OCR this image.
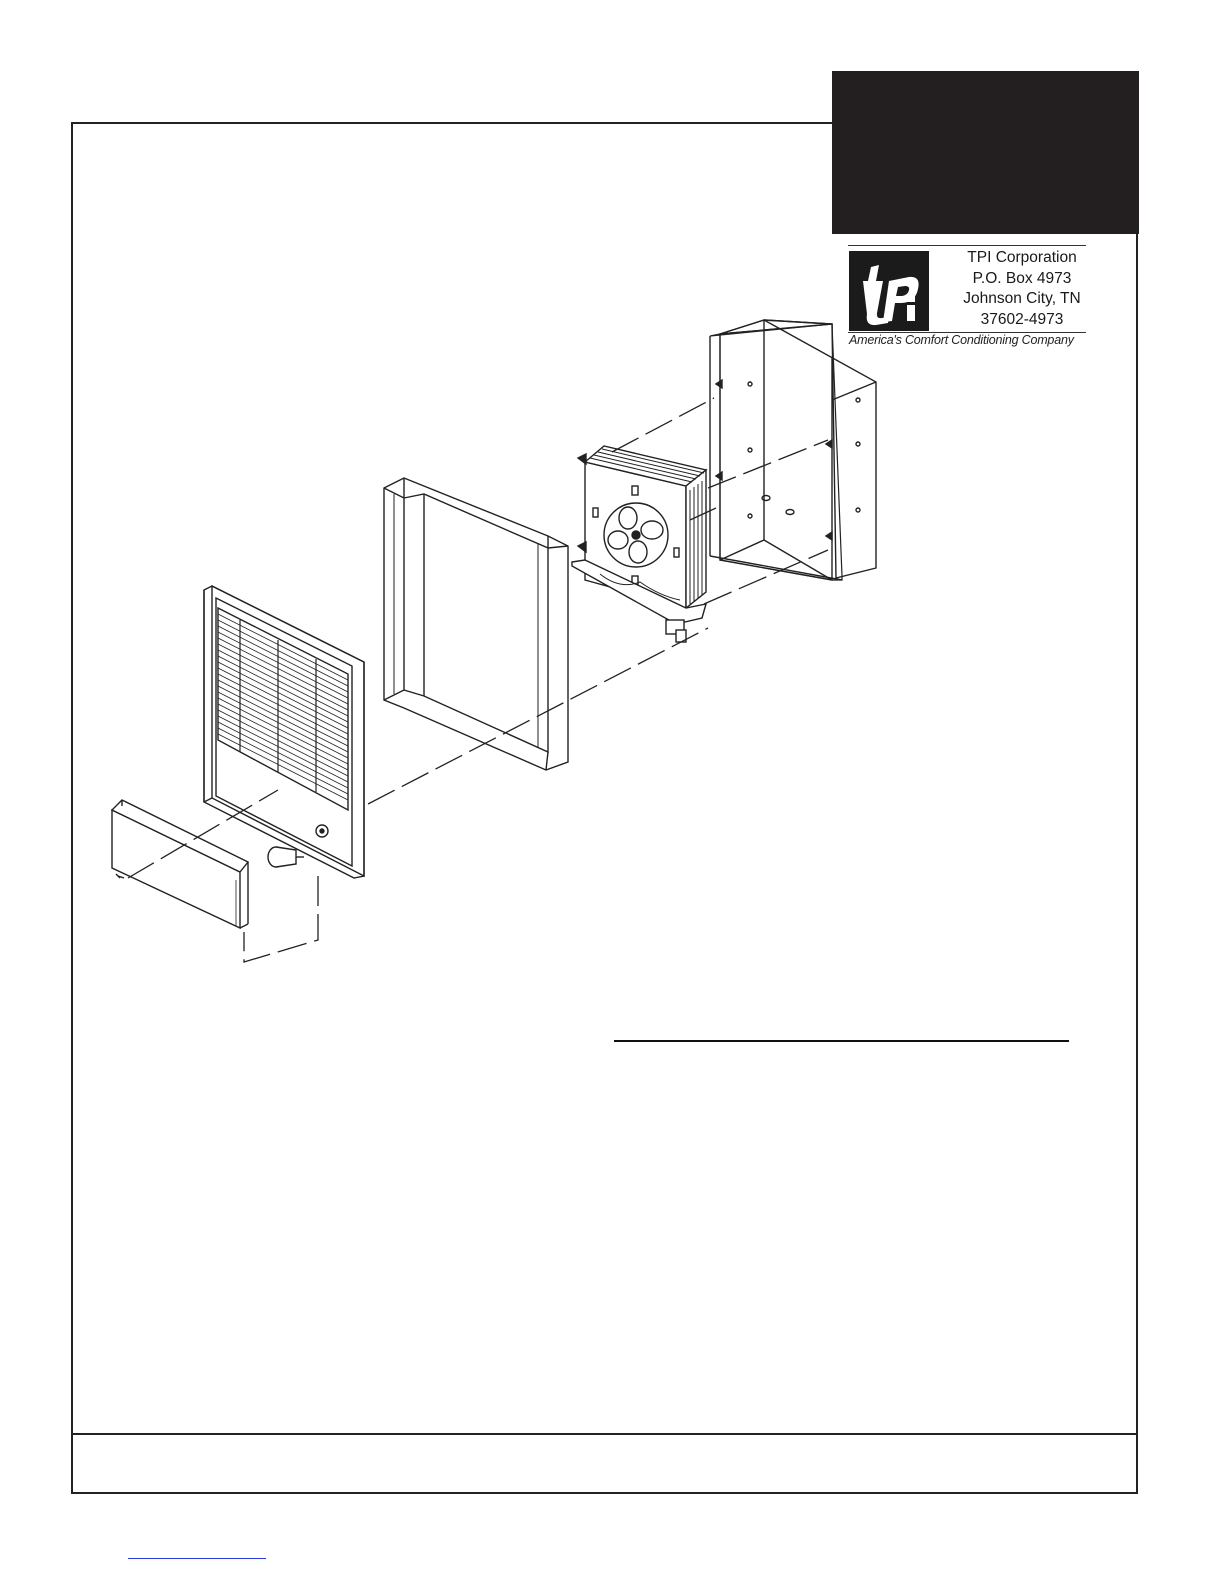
TPI Corporation
P.O. Box 4973
Johnson City, TN
37602-4973
America's Comfort Conditioning Company
